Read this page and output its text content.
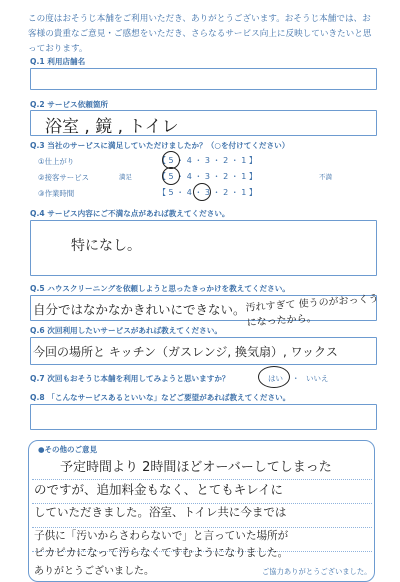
この度はおそうじ本舗をご利用いただき、ありがとうございます。おそうじ本舗では、お客様の貴重なご意見・ご感想をいただき、さらなるサービス向上に反映していきたいと思っております。
Q.1 利用店舗名
Q.2 サービス依頼箇所
浴室 , 鏡 , トイレ
Q.3 当社のサービスに満足していただけましたか？（○を付けてください）
①仕上がり	【 5 ・ 4 ・ 3 ・ 2 ・ 1 】
②接客サービス	満足	【 5 ・ 4 ・ 3 ・ 2 ・ 1 】	不満
③作業時間	【 5 ・ 4 ・ 3 ・ 2 ・ 1 】
Q.4 サービス内容にご不満な点があれば教えてください。
特になし。
Q.5 ハウスクリーニングを依頼しようと思ったきっかけを教えてください。
自分ではなかなかきれいにできない。 汚れすぎて 使うのがおっくうになったから。
Q.6 次回利用したいサービスがあれば教えてください。
今回の場所と キッチン（ガスレンジ, 換気扇）, ワックス
Q.7 次回もおそうじ本舗を利用してみようと思いますか？	はい ・ いいえ
Q.8 「こんなサービスあるといいな」などご要望があれば教えてください。
●その他のご意見
予定時間より 2時間ほどオーバーしてしまった
のですが、追加料金もなく、とてもキレイに
していただきました。浴室、トイレ共に今までは
子供に「汚いからさわらないで」と言っていた場所が
ピカピカになって汚らなくてすむようになりました。
ありがとうございました。	ご協力ありがとうございました。
